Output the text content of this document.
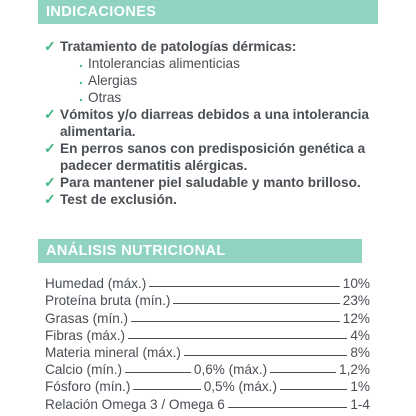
INDICACIONES
✓ Tratamiento de patologías dérmicas:
. Intolerancias alimenticias
. Alergias
. Otras
✓ Vómitos y/o diarreas debidos a una intolerancia alimentaria.
✓ En perros sanos con predisposición genética a padecer dermatitis alérgicas.
✓ Para mantener piel saludable y manto brilloso.
✓ Test de exclusión.
ANÁLISIS NUTRICIONAL
Humedad (máx.)	10%
Proteína bruta (mín.)	23%
Grasas (mín.)	12%
Fibras (máx.)	4%
Materia mineral (máx.)	8%
Calcio (mín.)	0,6% (máx.)	1,2%
Fósforo (mín.)	0,5% (máx.)	1%
Relación Omega 3 / Omega 6	1-4
